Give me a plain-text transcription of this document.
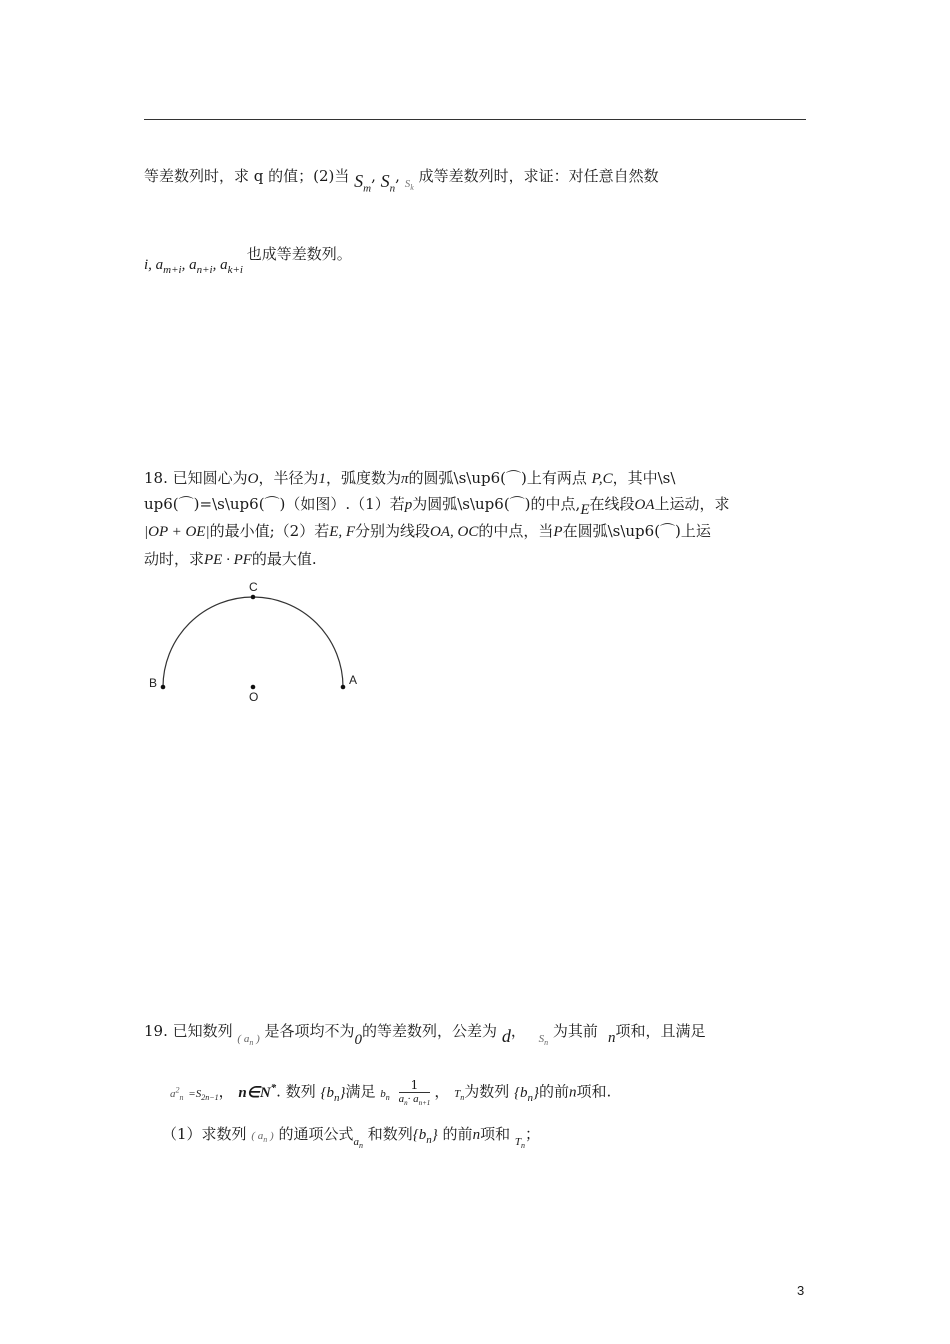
等差数列时，求 q 的值；(2)当 $S_m$, $S_n$, $_{S_k}$ 成等差数列时，求证：对任意自然数
i, $a_{m+i}$, $a_{n+i}$, $a_{k+i}$ 也成等差数列。
18. 已知圆心为O，半径为1，弧度数为π的圆弧\s\up6(⌒)上有两点 P,C，其中\s\
up6(⌒)=\s\up6(⌒)（如图）.（1）若p为圆弧\s\up6(⌒)的中点,E在线段OA上运动，求
|OP + OE|的最小值;（2）若E, F分别为线段OA, OC的中点，当P在圆弧\s\up6(⌒)上运
动时，求PE · PF的最大值.
C
B	A
O
19. 已知数列 $_{( a_n )}$ 是各项均不为0的等差数列，公差为 d， $_{S_n}$ 为其前 n项和，且满足
$a^2_n =S_{2n-1}$， n∈N*. 数列 $\{b_n\}$满足 $b_n \frac{1}{a_n\cdot a_{n+1}}$ ， $T_n$为数列 $\{b_n\}$的前n项和.
（1）求数列 ( $a_n$ ) 的通项公式$_{a_n}$ 和数列$\{b_n\}$ 的前n项和 $_{T_n}$；
3
